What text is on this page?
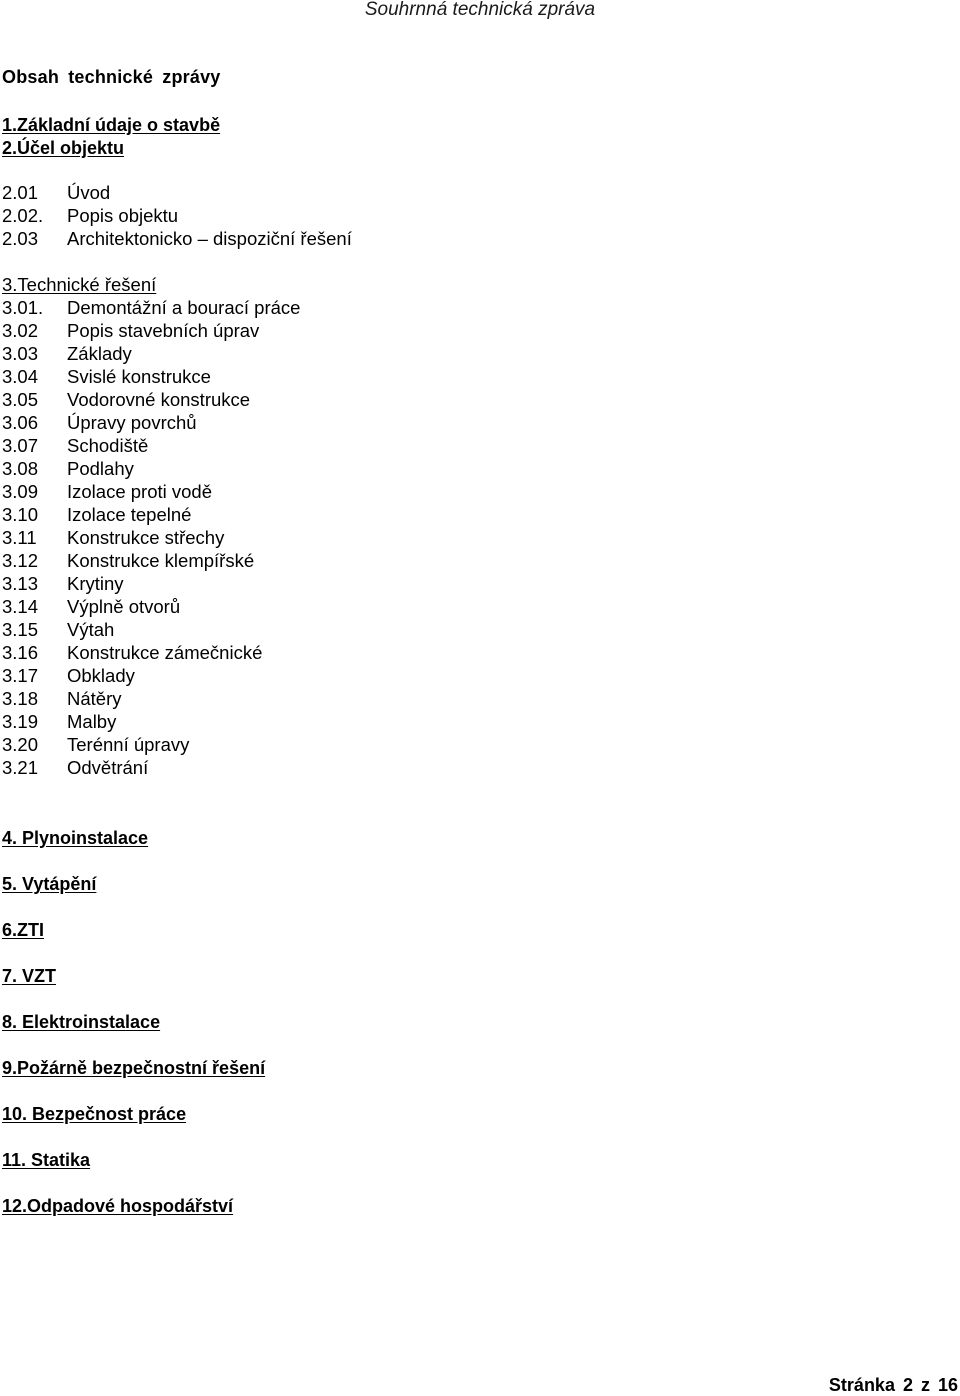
Souhrnná technická zpráva
Obsah technické zprávy
1.Základní údaje o stavbě
2.Účel objektu
2.01 Úvod
2.02. Popis objektu
2.03 Architektonicko – dispoziční řešení
3.Technické řešení
3.01. Demontážní a bourací práce
3.02 Popis stavebních úprav
3.03 Základy
3.04 Svislé konstrukce
3.05 Vodorovné konstrukce
3.06 Úpravy povrchů
3.07 Schodiště
3.08 Podlahy
3.09 Izolace proti vodě
3.10 Izolace tepelné
3.11 Konstrukce střechy
3.12 Konstrukce klempířské
3.13 Krytiny
3.14 Výplně otvorů
3.15 Výtah
3.16 Konstrukce zámečnické
3.17 Obklady
3.18 Nátěry
3.19 Malby
3.20 Terénní úpravy
3.21 Odvětrání
4. Plynoinstalace
5. Vytápění
6.ZTI
7. VZT
8. Elektroinstalace
9.Požárně bezpečnostní řešení
10. Bezpečnost práce
11. Statika
12.Odpadové hospodářství
Stránka 2 z 16
